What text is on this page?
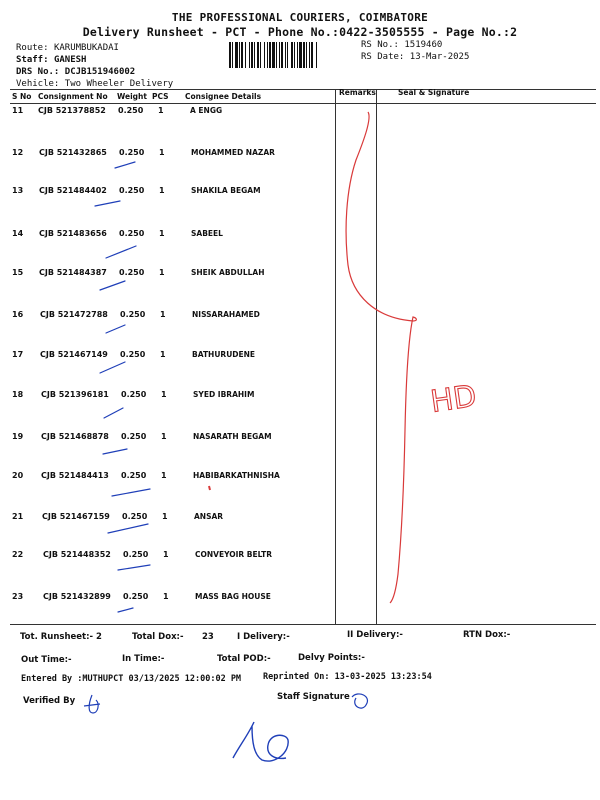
THE PROFESSIONAL COURIERS, COIMBATORE
Delivery Runsheet - PCT - Phone No.:0422-3505555 - Page No.:2
Route: KARUMBUKADAI
Staff: GANESH
DRS No.: DCJB151946002
Vehicle: Two Wheeler Delivery
RS No.: 1519460
RS Date: 13-Mar-2025
S No Consignment No Weight PCS Consignee Details	Remarks	Seal & Signature
11 CJB 521378852 0.250 1	A ENGG
12 CJB 521432865 0.250 1	MOHAMMED NAZAR
13 CJB 521484402 0.250 1	SHAKILA BEGAM
14 CJB 521483656 0.250 1	SABEEL
15 CJB 521484387 0.250 1	SHEIK ABDULLAH
16 CJB 521472788 0.250 1	NISSARAHAMED
17 CJB 521467149 0.250 1	BATHURUDENE
18 CJB 521396181 0.250 1	SYED IBRAHIM
19 CJB 521468878 0.250 1	NASARATH BEGAM
20 CJB 521484413 0.250 1	HABIBARKATHNISHA
21 CJB 521467159 0.250 1	ANSAR
22 CJB 521448352 0.250 1	CONVEYOIR BELTR
23 CJB 521432899 0.250 1	MASS BAG HOUSE
Tot. Runsheet:- 2	Total Dox:- 23	I Delivery:-	II Delivery:-	RTN Dox:-
Out Time:-	In Time:-	Total POD:-	Delvy Points:-
Entered By :MUTHUPCT 03/13/2025 12:00:02 PM	Reprinted On: 13-03-2025 13:23:54
Verified By	Staff Signature
HD
